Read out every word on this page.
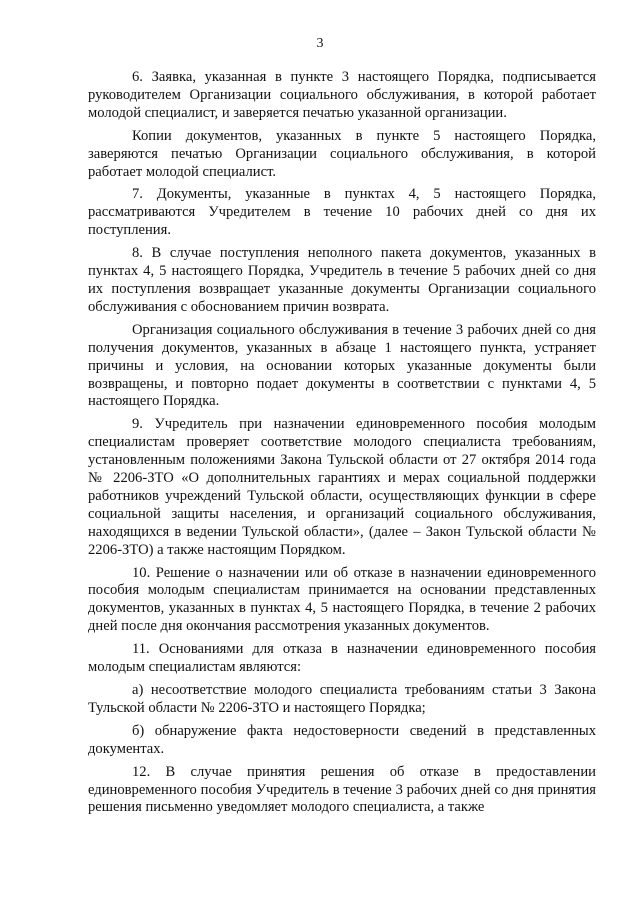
3

6. Заявка, указанная в пункте 3 настоящего Порядка, подписывается руководителем Организации социального обслуживания, в которой работает молодой специалист, и заверяется печатью указанной организации.

Копии документов, указанных в пункте 5 настоящего Порядка, заверяются печатью Организации социального обслуживания, в которой работает молодой специалист.

7. Документы, указанные в пунктах 4, 5 настоящего Порядка, рассматриваются Учредителем в течение 10 рабочих дней со дня их поступления.

8. В случае поступления неполного пакета документов, указанных в пунктах 4, 5 настоящего Порядка, Учредитель в течение 5 рабочих дней со дня их поступления возвращает указанные документы Организации социального обслуживания с обоснованием причин возврата.

Организация социального обслуживания в течение 3 рабочих дней со дня получения документов, указанных в абзаце 1 настоящего пункта, устраняет причины и условия, на основании которых указанные документы были возвращены, и повторно подает документы в соответствии с пунктами 4, 5 настоящего Порядка.

9. Учредитель при назначении единовременного пособия молодым специалистам проверяет соответствие молодого специалиста требованиям, установленным положениями Закона Тульской области от 27 октября 2014 года № 2206-ЗТО «О дополнительных гарантиях и мерах социальной поддержки работников учреждений Тульской области, осуществляющих функции в сфере социальной защиты населения, и организаций социального обслуживания, находящихся в ведении Тульской области», (далее – Закон Тульской области № 2206-ЗТО) а также настоящим Порядком.

10. Решение о назначении или об отказе в назначении единовременного пособия молодым специалистам принимается на основании представленных документов, указанных в пунктах 4, 5 настоящего Порядка, в течение 2 рабочих дней после дня окончания рассмотрения указанных документов.

11. Основаниями для отказа в назначении единовременного пособия молодым специалистам являются:

а) несоответствие молодого специалиста требованиям статьи 3 Закона Тульской области № 2206-ЗТО и настоящего Порядка;

б) обнаружение факта недостоверности сведений в представленных документах.

12. В случае принятия решения об отказе в предоставлении единовременного пособия Учредитель в течение 3 рабочих дней со дня принятия решения письменно уведомляет молодого специалиста, а также
